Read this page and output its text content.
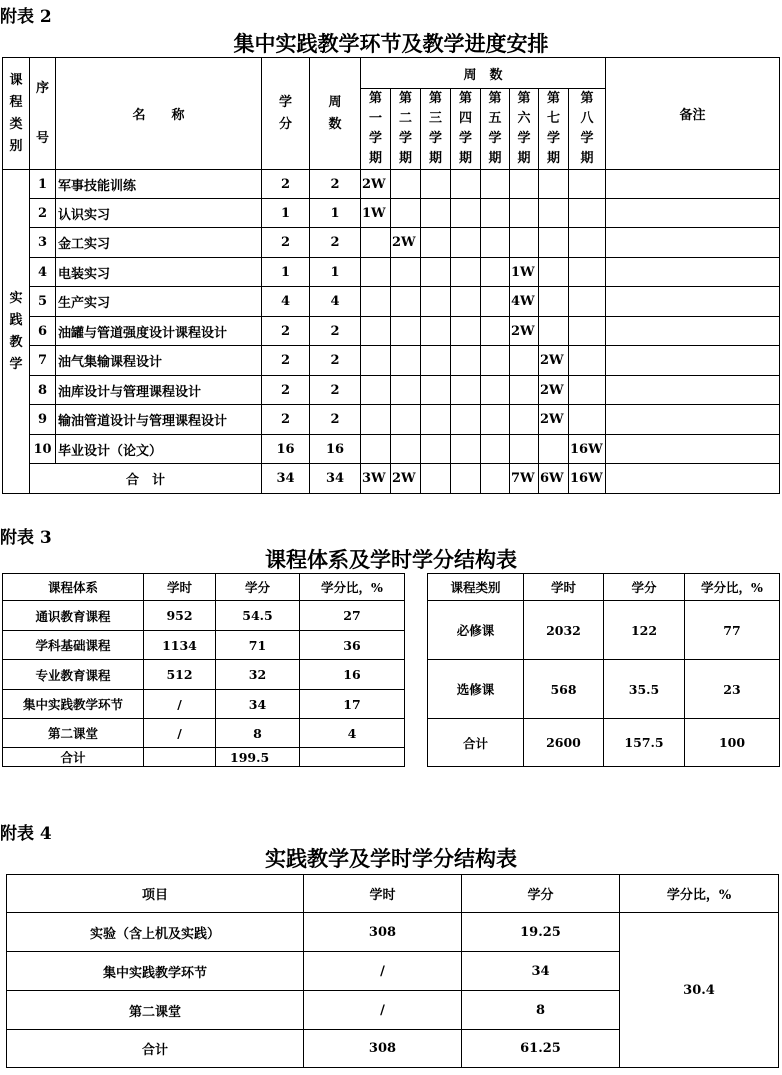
附表 2
集中实践教学环节及教学进度安排
课程类别	序号	名　　称	学分	周数	周　数								备注

					第一学期	第二学期	第三学期	第四学期	第五学期	第六学期	第七学期	第八学期	

实践教学	1	军事技能训练	2	2	2W								
	2	认识实习	1	1	1W								
	3	金工实习	2	2		2W							
	4	电装实习	1	1						1W			
	5	生产实习	4	4						4W			
	6	油罐与管道强度设计课程设计	2	2						2W			
	7	油气集输课程设计	2	2							2W		
	8	油库设计与管理课程设计	2	2							2W		
	9	输油管道设计与管理课程设计	2	2							2W		
	10	毕业设计（论文）	16	16								16W	
	合　计		34	34	3W	2W				7W	6W	16W	
附表 3
课程体系及学时学分结构表
课程体系	学时	学分	学分比，%		课程类别	学时	学分	学分比，%
通识教育课程	952	54.5	27		必修课	2032	122	77
学科基础课程	1134	71	36					
专业教育课程	512	32	16		选修课	568	35.5	23
集中实践教学环节	/	34	17					
第二课堂	/	8	4		合计	2600	157.5	100
合计		199.5						
附表 4
实践教学及学时学分结构表
项目	学时	学分	学分比，%
实验（含上机及实践）	308	19.25	30.4
集中实践教学环节	/	34	
第二课堂	/	8	
合计	308	61.25	
